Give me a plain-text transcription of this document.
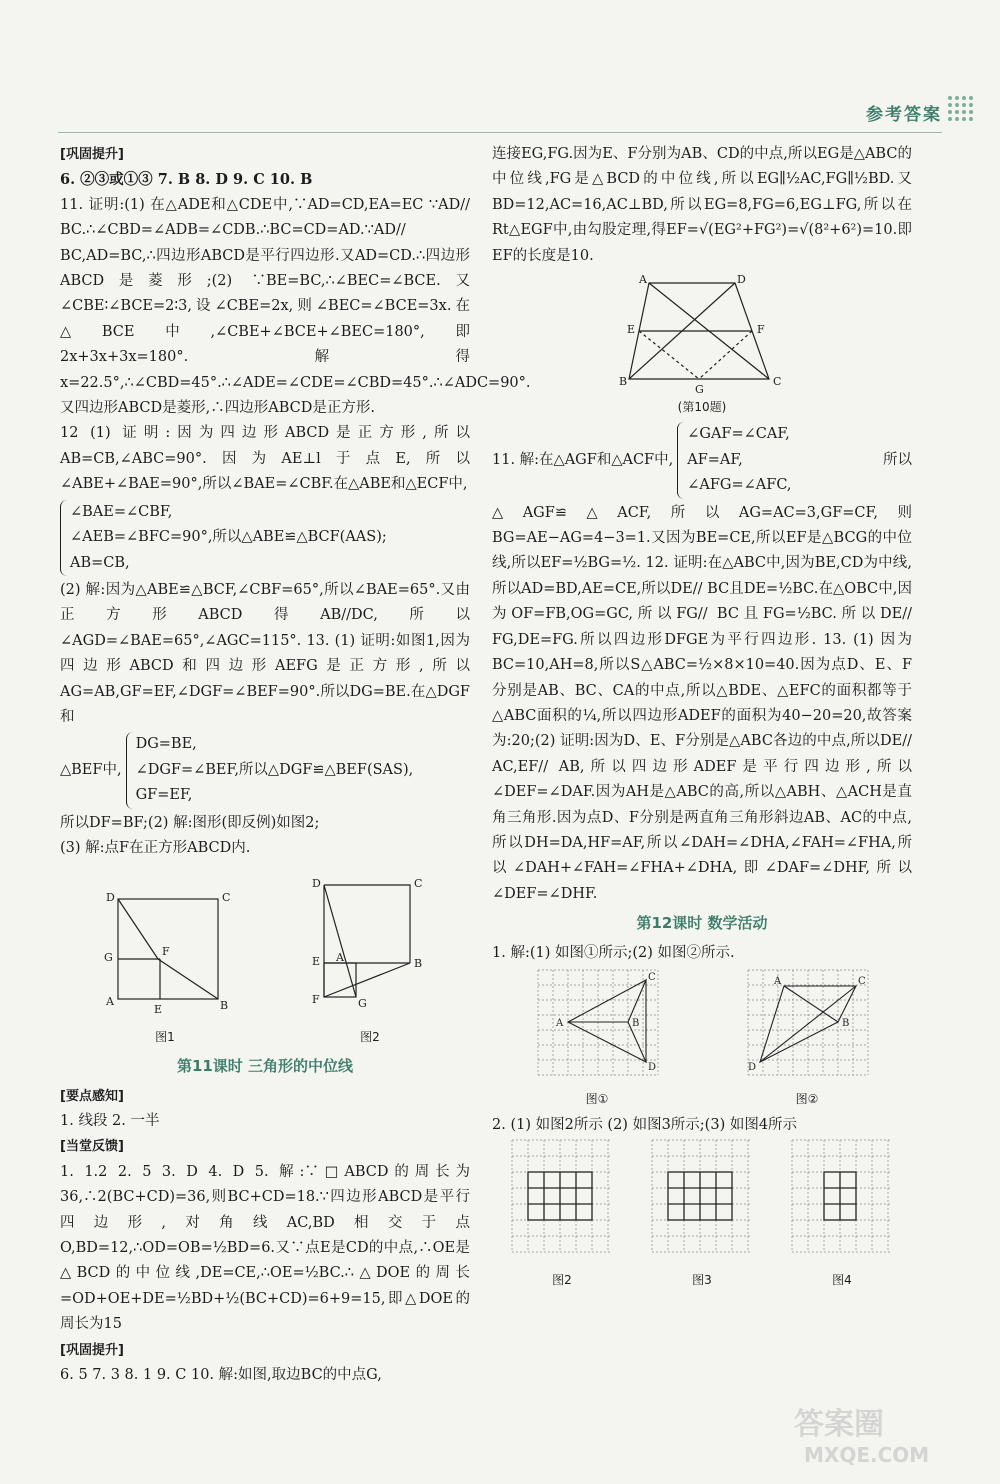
参考答案

[巩固提升]

6. ②③或①③ 7. B 8. D 9. C 10. B

11. 证明:(1) 在△ADE和△CDE中,∵AD=CD,EA=EC ∵AD// BC.∴∠CBD=∠ADB=∠CDB.∴BC=CD=AD.∵AD// BC,AD=BC,∴四边形ABCD是平行四边形.又AD=CD.∴四边形ABCD是菱形;(2) ∵BE=BC,∴∠BEC=∠BCE.又∠CBE∶∠BCE=2∶3,设∠CBE=2x,则∠BEC=∠BCE=3x.在△BCE中,∠CBE+∠BCE+∠BEC=180°,即2x+3x+3x=180°.解得x=22.5°,∴∠CBD=45°.∴∠ADE=∠CDE=∠CBD=45°.∴∠ADC=90°.又四边形ABCD是菱形,∴四边形ABCD是正方形.

12 (1) 证明:因为四边形ABCD是正方形,所以AB=CB,∠ABC=90°.因为AE⊥l于点E,所以∠ABE+∠BAE=90°,所以∠BAE=∠CBF.在△ABE和△ECF中,

∠BAE=∠CBF,
∠AEB=∠BFC=90°,所以△ABE≌△BCF(AAS);
AB=CB,

(2) 解:因为△ABE≌△BCF,∠CBF=65°,所以∠BAE=65°.又由正方形ABCD得AB//DC,所以∠AGD=∠BAE=65°,∠AGC=115°. 13. (1) 证明:如图1,因为四边形ABCD和四边形AEFG是正方形,所以AG=AB,GF=EF,∠DGF=∠BEF=90°.所以DG=BE.在△DGF和

△BEF中,
DG=BE,
∠DGF=∠BEF,所以△DGF≌△BEF(SAS),
GF=EF,

所以DF=BF;(2) 解:图形(即反例)如图2;

(3) 解:点F在正方形ABCD内.

D	C
A	B
G	F
E
图1
D	C
E	B
F	G
A
图2
第11课时 三角形的中位线

[要点感知]

1. 线段 2. 一半

[当堂反馈]

1. 1.2 2. 5 3. D 4. D 5. 解:∵□ABCD的周长为36,∴2(BC+CD)=36,则BC+CD=18.∵四边形ABCD是平行四边形,对角线AC,BD相交于点O,BD=12,∴OD=OB=½BD=6.又∵点E是CD的中点,∴OE是△BCD的中位线,DE=CE,∴OE=½BC.∴△DOE的周长=OD+OE+DE=½BD+½(BC+CD)=6+9=15,即△DOE的周长为15

[巩固提升]

6. 5 7. 3 8. 1 9. C 10. 解:如图,取边BC的中点G,

连接EG,FG.因为E、F分别为AB、CD的中点,所以EG是△ABC的中位线,FG是△BCD的中位线,所以EG∥½AC,FG∥½BD.又BD=12,AC=16,AC⊥BD,所以EG=8,FG=6,EG⊥FG,所以在Rt△EGF中,由勾股定理,得EF=√(EG²+FG²)=√(8²+6²)=10.即EF的长度是10.

A	D
E	F
B	C
G
(第10题)
11. 解:在△AGF和△ACF中,
∠GAF=∠CAF,
AF=AF,
∠AFG=∠AFC,
所以

△AGF≌△ACF,所以AG=AC=3,GF=CF,则BG=AE−AG=4−3=1.又因为BE=CE,所以EF是△BCG的中位线,所以EF=½BG=½. 12. 证明:在△ABC中,因为BE,CD为中线,所以AD=BD,AE=CE,所以DE// BC且DE=½BC.在△OBC中,因为OF=FB,OG=GC,所以FG// BC且FG=½BC.所以DE// FG,DE=FG.所以四边形DFGE为平行四边形. 13. (1) 因为BC=10,AH=8,所以S△ABC=½×8×10=40.因为点D、E、F分别是AB、BC、CA的中点,所以△BDE、△EFC的面积都等于△ABC面积的¼,所以四边形ADEF的面积为40−20=20,故答案为:20;(2) 证明:因为D、E、F分别是△ABC各边的中点,所以DE// AC,EF// AB,所以四边形ADEF是平行四边形,所以∠DEF=∠DAF.因为AH是△ABC的高,所以△ABH、△ACH是直角三角形.因为点D、F分别是两直角三角形斜边AB、AC的中点,所以DH=DA,HF=AF,所以∠DAH=∠DHA,∠FAH=∠FHA,所以∠DAH+∠FAH=∠FHA+∠DHA,即∠DAF=∠DHF,所以∠DEF=∠DHF.

第12课时 数学活动

1. 解:(1) 如图①所示;(2) 如图②所示.

A
C
B
D
图①
A	C
B
D
图②

2. (1) 如图2所示 (2) 如图3所示;(3) 如图4所示

图2	图3	图4
答案圈
MXQE.COM
